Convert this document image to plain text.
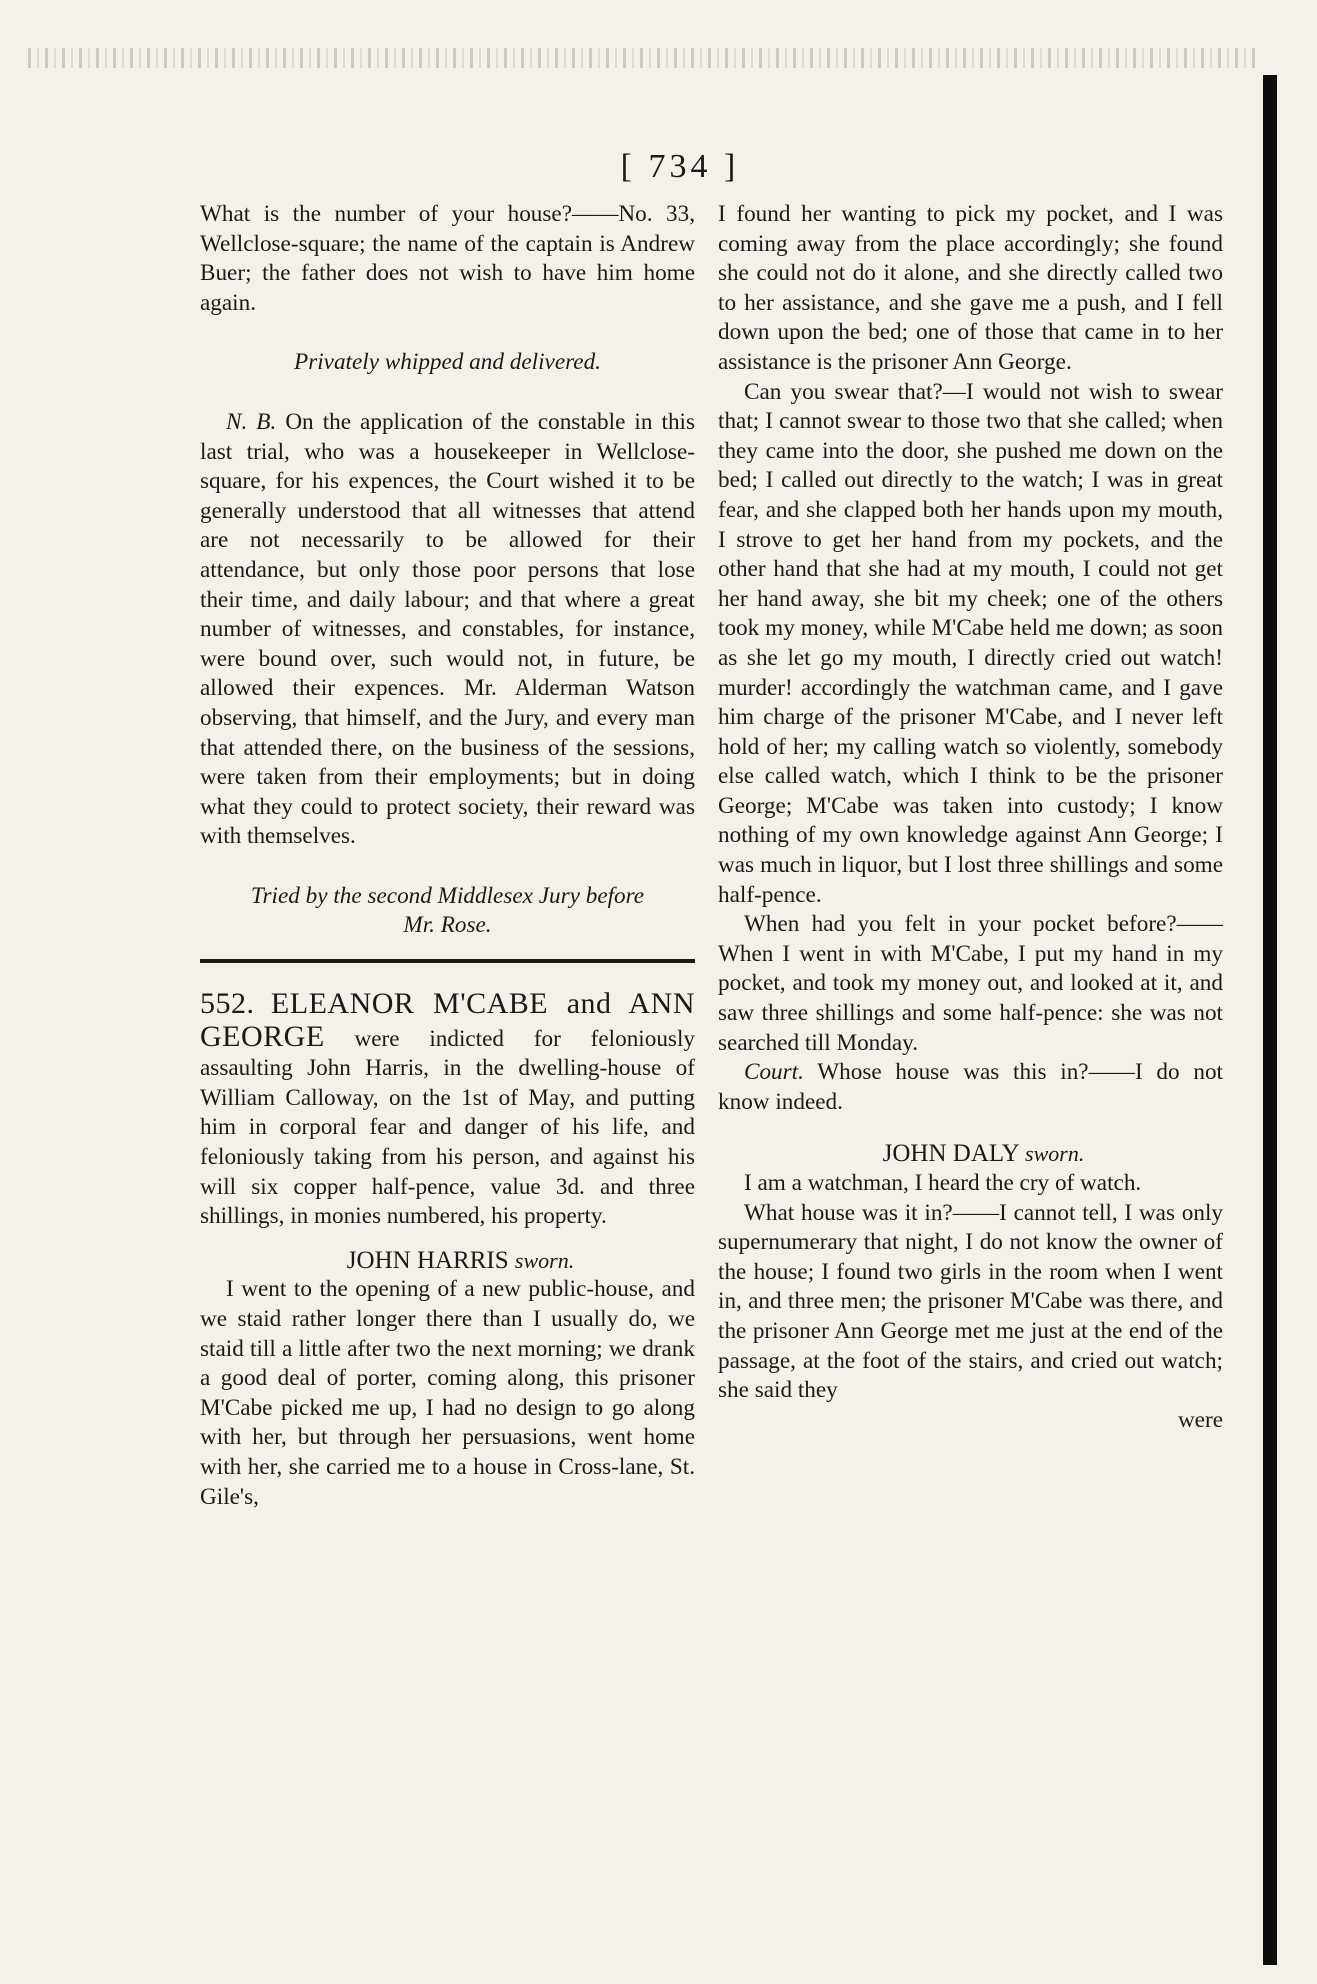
[ 734 ]

What is the number of your house?——No. 33, Wellclose-square; the name of the captain is Andrew Buer; the father does not wish to have him home again.

Privately whipped and delivered.

N. B. On the application of the constable in this last trial, who was a housekeeper in Wellclose-square, for his expences, the Court wished it to be generally understood that all witnesses that attend are not necessarily to be allowed for their attendance, but only those poor persons that lose their time, and daily labour; and that where a great number of witnesses, and constables, for instance, were bound over, such would not, in future, be allowed their expences. Mr. Alderman Watson observing, that himself, and the Jury, and every man that attended there, on the business of the sessions, were taken from their employments; but in doing what they could to protect society, their reward was with themselves.

Tried by the second Middlesex Jury before

Mr. Rose.

552. ELEANOR M'CABE and ANN GEORGE were indicted for feloniously assaulting John Harris, in the dwelling-house of William Calloway, on the 1st of May, and putting him in corporal fear and danger of his life, and feloniously taking from his person, and against his will six copper half-pence, value 3d. and three shillings, in monies numbered, his property.

JOHN HARRIS sworn.

I went to the opening of a new public-house, and we staid rather longer there than I usually do, we staid till a little after two the next morning; we drank a good deal of porter, coming along, this prisoner M'Cabe picked me up, I had no design to go along with her, but through her persuasions, went home with her, she carried me to a house in Cross-lane, St. Gile's,

I found her wanting to pick my pocket, and I was coming away from the place accordingly; she found she could not do it alone, and she directly called two to her assistance, and she gave me a push, and I fell down upon the bed; one of those that came in to her assistance is the prisoner Ann George.

Can you swear that?—I would not wish to swear that; I cannot swear to those two that she called; when they came into the door, she pushed me down on the bed; I called out directly to the watch; I was in great fear, and she clapped both her hands upon my mouth, I strove to get her hand from my pockets, and the other hand that she had at my mouth, I could not get her hand away, she bit my cheek; one of the others took my money, while M'Cabe held me down; as soon as she let go my mouth, I directly cried out watch! murder! accordingly the watchman came, and I gave him charge of the prisoner M'Cabe, and I never left hold of her; my calling watch so violently, somebody else called watch, which I think to be the prisoner George; M'Cabe was taken into custody; I know nothing of my own knowledge against Ann George; I was much in liquor, but I lost three shillings and some half-pence.

When had you felt in your pocket before?——When I went in with M'Cabe, I put my hand in my pocket, and took my money out, and looked at it, and saw three shillings and some half-pence: she was not searched till Monday.

Court. Whose house was this in?——I do not know indeed.

JOHN DALY sworn.

I am a watchman, I heard the cry of watch.

What house was it in?——I cannot tell, I was only supernumerary that night, I do not know the owner of the house; I found two girls in the room when I went in, and three men; the prisoner M'Cabe was there, and the prisoner Ann George met me just at the end of the passage, at the foot of the stairs, and cried out watch; she said they

were
